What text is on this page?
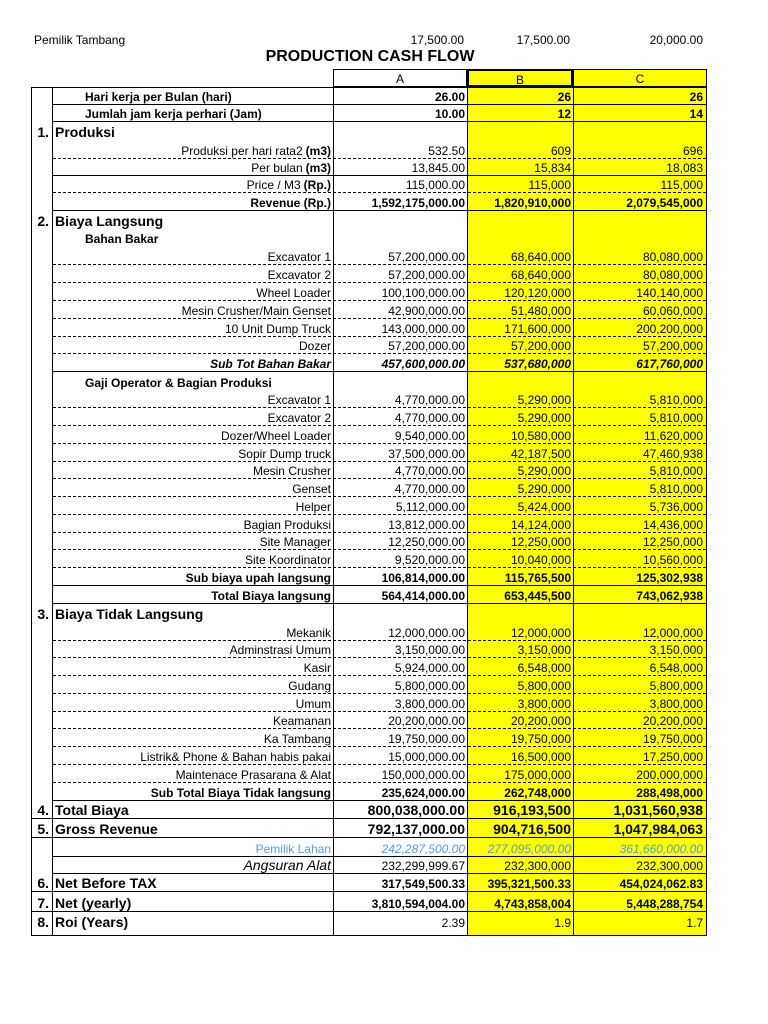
Pemilik Tambang	17,500.00	17,500.00	20,000.00
PRODUCTION CASH FLOW
A	B	C
Hari kerja per Bulan (hari)	26.00	26	26
Jumlah jam kerja perhari (Jam)	10.00	12	14
1. Produksi
Produksi per hari rata2 (m3)	532.50	609	696
Per bulan (m3)	13,845.00	15,834	18,083
Price / M3 (Rp.)	115,000.00	115,000	115,000
Revenue (Rp.)	1,592,175,000.00	1,820,910,000	2,079,545,000
2. Biaya Langsung
Bahan Bakar
Excavator 1	57,200,000.00	68,640,000	80,080,000
Excavator 2	57,200,000.00	68,640,000	80,080,000
Wheel Loader	100,100,000.00	120,120,000	140,140,000
Mesin Crusher/Main Genset	42,900,000.00	51,480,000	60,060,000
10 Unit Dump Truck	143,000,000.00	171,600,000	200,200,000
Dozer	57,200,000.00	57,200,000	57,200,000
Sub Tot Bahan Bakar	457,600,000.00	537,680,000	617,760,000
Gaji Operator & Bagian Produksi
Excavator 1	4,770,000.00	5,290,000	5,810,000
Excavator 2	4,770,000.00	5,290,000	5,810,000
Dozer/Wheel Loader	9,540,000.00	10,580,000	11,620,000
Sopir Dump truck	37,500,000.00	42,187,500	47,460,938
Mesin Crusher	4,770,000.00	5,290,000	5,810,000
Genset	4,770,000.00	5,290,000	5,810,000
Helper	5,112,000.00	5,424,000	5,736,000
Bagian Produksi	13,812,000.00	14,124,000	14,436,000
Site Manager	12,250,000.00	12,250,000	12,250,000
Site Koordinator	9,520,000.00	10,040,000	10,560,000
Sub biaya upah langsung	106,814,000.00	115,765,500	125,302,938
Total Biaya langsung	564,414,000.00	653,445,500	743,062,938
3. Biaya Tidak Langsung
Mekanik	12,000,000.00	12,000,000	12,000,000
Adminstrasi Umum	3,150,000.00	3,150,000	3,150,000
Kasir	5,924,000.00	6,548,000	6,548,000
Gudang	5,800,000.00	5,800,000	5,800,000
Umum	3,800,000.00	3,800,000	3,800,000
Keamanan	20,200,000.00	20,200,000	20,200,000
Ka Tambang	19,750,000.00	19,750,000	19,750,000
Listrik& Phone & Bahan habis pakai	15,000,000.00	16,500,000	17,250,000
Maintenace Prasarana & Alat	150,000,000.00	175,000,000	200,000,000
Sub Total Biaya Tidak langsung	235,624,000.00	262,748,000	288,498,000
4. Total Biaya	800,038,000.00	916,193,500	1,031,560,938
5. Gross Revenue	792,137,000.00	904,716,500	1,047,984,063
Pemilik Lahan	242,287,500.00	277,095,000.00	361,660,000.00
Angsuran Alat	232,299,999.67	232,300,000	232,300,000
6. Net Before TAX	317,549,500.33	395,321,500.33	454,024,062.83
7. Net (yearly)	3,810,594,004.00	4,743,858,004	5,448,288,754
8. Roi (Years)	2.39	1.9	1.7
